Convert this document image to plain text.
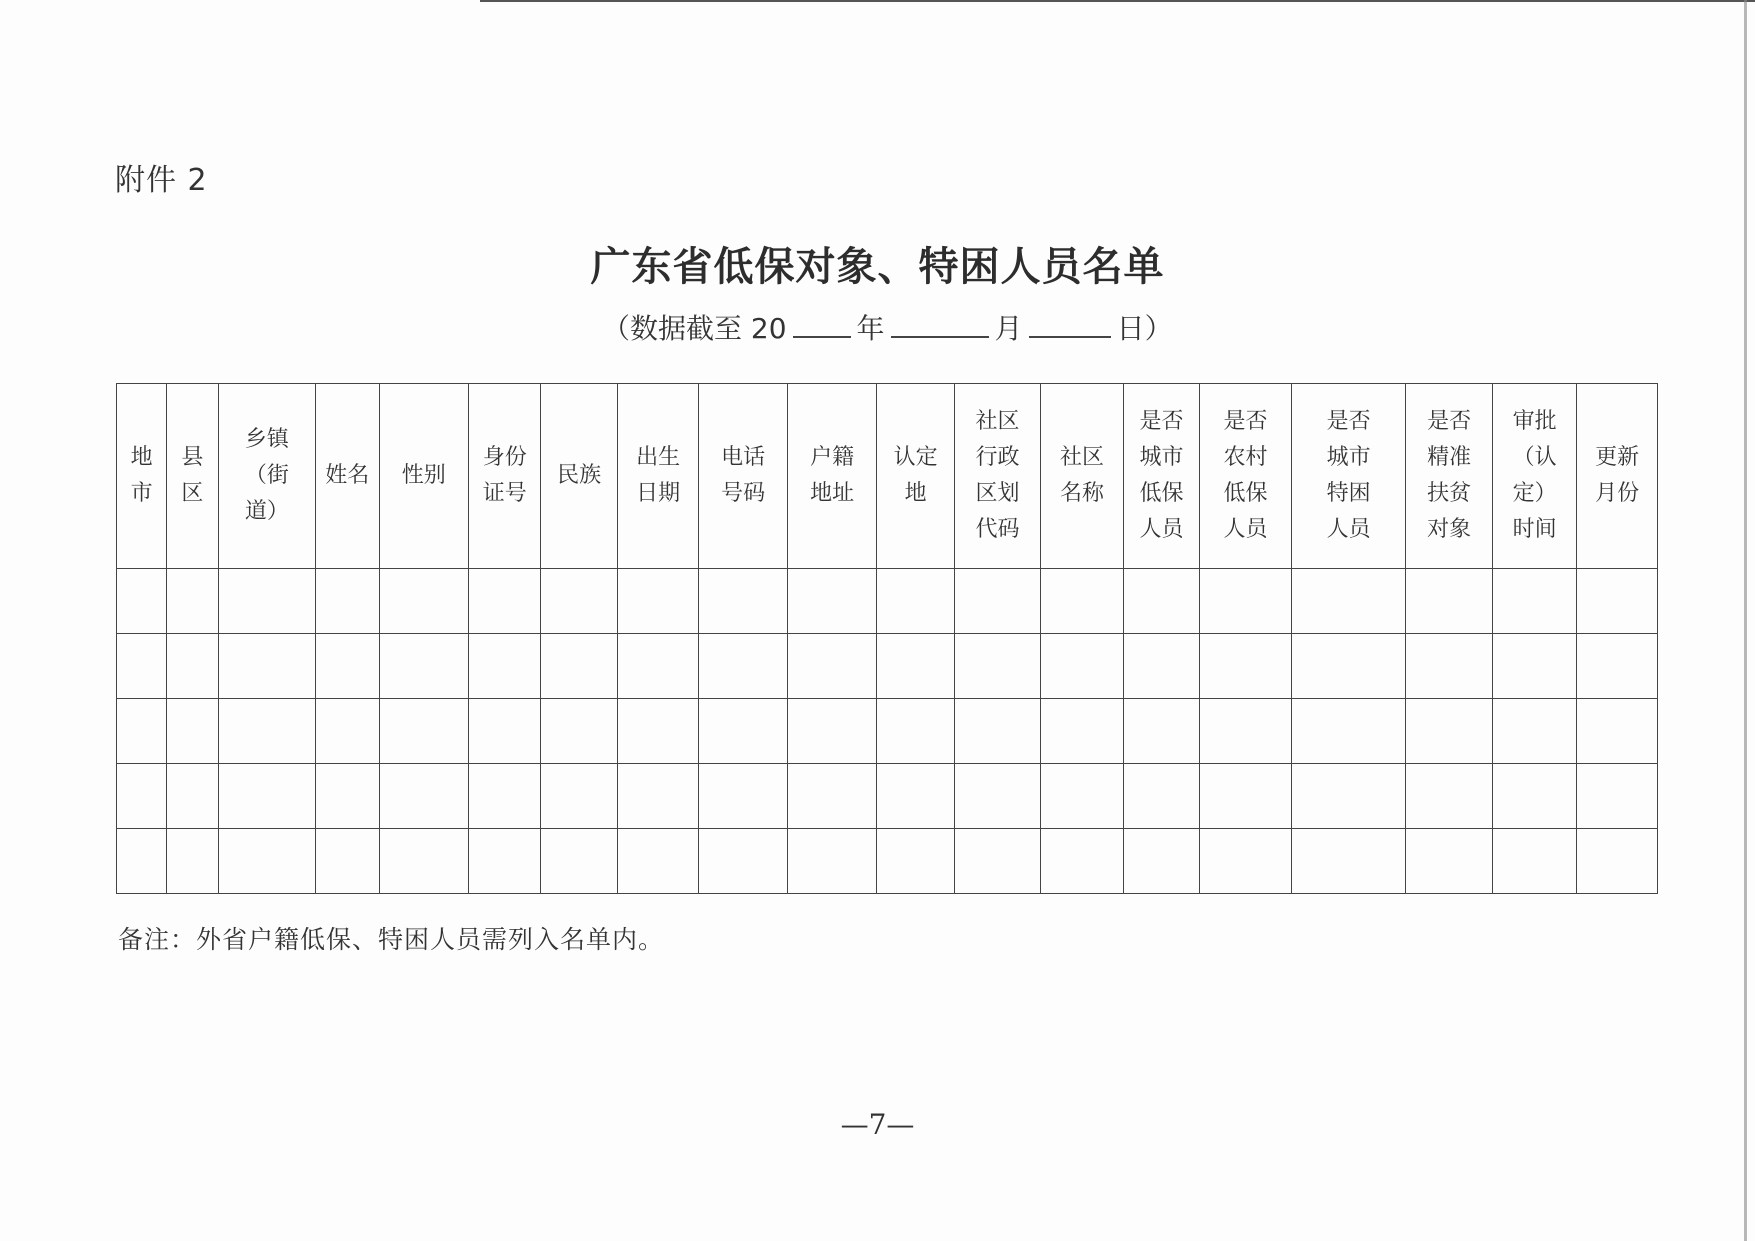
附件 2
广东省低保对象、特困人员名单
（数据截至 20	年	月	日）
地市	县区	乡镇（街道）	姓名	性别	身份证号	民族	出生日期	电话号码	户籍地址	认定地	社区行政区划代码	社区名称	是否城市低保人员	是否农村低保人员	是否城市特困人员	是否精准扶贫对象	审批（认定）时间	更新月份

备注：外省户籍低保、特困人员需列入名单内。
—7—
